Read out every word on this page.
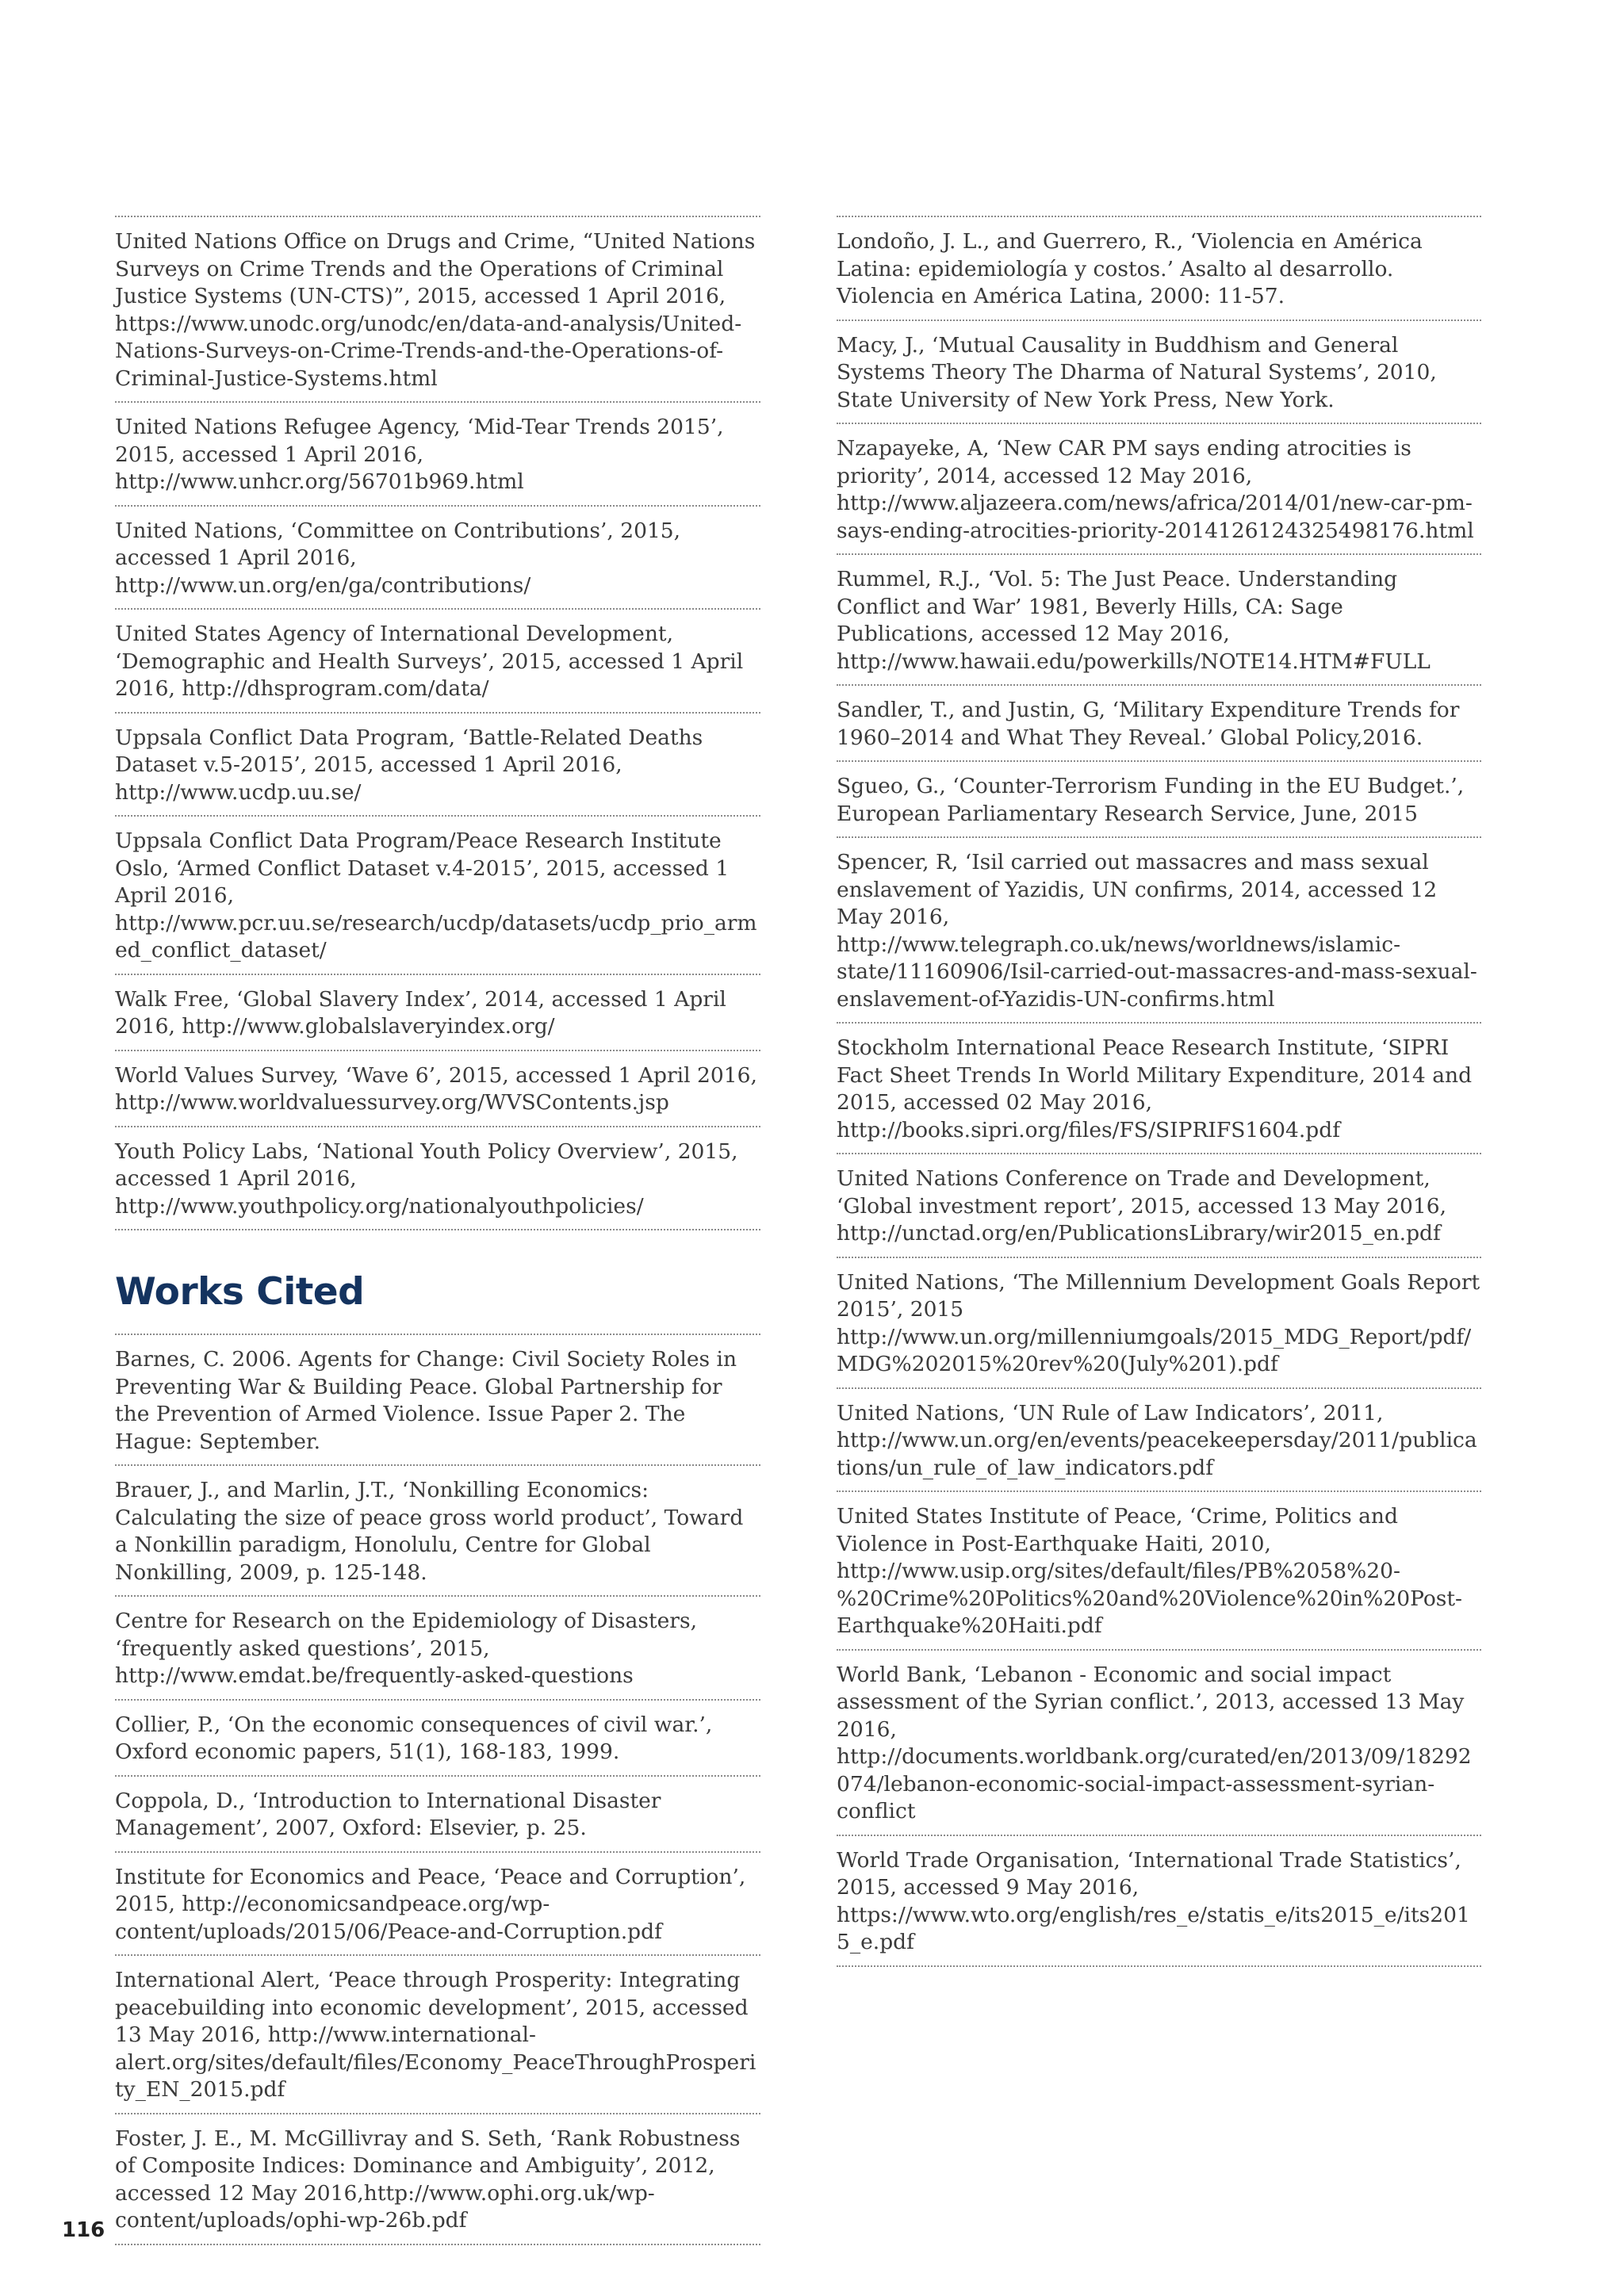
United Nations Office on Drugs and Crime, “United Nations Surveys on Crime Trends and the Operations of Criminal Justice Systems (UN-CTS)”, 2015, accessed 1 April 2016, https://www.unodc.org/unodc/en/data-and-analysis/United-Nations-Surveys-on-Crime-Trends-and-the-Operations-of-Criminal-Justice-Systems.html
United Nations Refugee Agency, ‘Mid-Tear Trends 2015’, 2015, accessed 1 April 2016, http://www.unhcr.org/56701b969.html
United Nations, ‘Committee on Contributions’, 2015, accessed 1 April 2016, http://www.un.org/en/ga/contributions/
United States Agency of International Development, ‘Demographic and Health Surveys’, 2015, accessed 1 April 2016, http://dhsprogram.com/data/
Uppsala Conflict Data Program, ‘Battle-Related Deaths Dataset v.5-2015’, 2015, accessed 1 April 2016, http://www.ucdp.uu.se/
Uppsala Conflict Data Program/Peace Research Institute Oslo, ‘Armed Conflict Dataset v.4-2015’, 2015, accessed 1 April 2016, http://www.pcr.uu.se/research/ucdp/datasets/ucdp_prio_armed_conflict_dataset/
Walk Free, ‘Global Slavery Index’, 2014, accessed 1 April 2016, http://www.globalslaveryindex.org/
World Values Survey, ‘Wave 6’, 2015, accessed 1 April 2016, http://www.worldvaluessurvey.org/WVSContents.jsp
Youth Policy Labs, ‘National Youth Policy Overview’, 2015, accessed 1 April 2016, http://www.youthpolicy.org/nationalyouthpolicies/
Works Cited
Barnes, C. 2006. Agents for Change: Civil Society Roles in Preventing War & Building Peace. Global Partnership for the Prevention of Armed Violence. Issue Paper 2. The Hague: September.
Brauer, J., and Marlin, J.T., ‘Nonkilling Economics: Calculating the size of peace gross world product’, Toward a Nonkillin paradigm, Honolulu, Centre for Global Nonkilling, 2009, p. 125-148.
Centre for Research on the Epidemiology of Disasters, ‘frequently asked questions’, 2015, http://www.emdat.be/frequently-asked-questions
Collier, P., ‘On the economic consequences of civil war.’, Oxford economic papers, 51(1), 168-183, 1999.
Coppola, D., ‘Introduction to International Disaster Management’, 2007, Oxford: Elsevier, p. 25.
Institute for Economics and Peace, ‘Peace and Corruption’, 2015, http://economicsandpeace.org/wp-content/uploads/2015/06/Peace-and-Corruption.pdf
International Alert, ‘Peace through Prosperity: Integrating peacebuilding into economic development’, 2015, accessed 13 May 2016, http://www.international-alert.org/sites/default/files/Economy_PeaceThroughProsperity_EN_2015.pdf
Foster, J. E., M. McGillivray and S. Seth, ‘Rank Robustness of Composite Indices: Dominance and Ambiguity’, 2012, accessed 12 May 2016,http://www.ophi.org.uk/wp-content/uploads/ophi-wp-26b.pdf
Londoño, J. L., and Guerrero, R., ‘Violencia en América Latina: epidemiología y costos.’ Asalto al desarrollo. Violencia en América Latina, 2000: 11-57.
Macy, J., ‘Mutual Causality in Buddhism and General Systems Theory The Dharma of Natural Systems’, 2010, State University of New York Press, New York.
Nzapayeke, A, ‘New CAR PM says ending atrocities is priority’, 2014, accessed 12 May 2016, http://www.aljazeera.com/news/africa/2014/01/new-car-pm-says-ending-atrocities-priority-2014126124325498176.html
Rummel, R.J., ‘Vol. 5: The Just Peace. Understanding Conflict and War’ 1981, Beverly Hills, CA: Sage Publications, accessed 12 May 2016, http://www.hawaii.edu/powerkills/NOTE14.HTM#FULL
Sandler, T., and Justin, G, ‘Military Expenditure Trends for 1960–2014 and What They Reveal.’ Global Policy,2016.
Sgueo, G., ‘Counter-Terrorism Funding in the EU Budget.’, European Parliamentary Research Service, June, 2015
Spencer, R, ‘Isil carried out massacres and mass sexual enslavement of Yazidis, UN confirms, 2014, accessed 12 May 2016, http://www.telegraph.co.uk/news/worldnews/islamic-state/11160906/Isil-carried-out-massacres-and-mass-sexual-enslavement-of-Yazidis-UN-confirms.html
Stockholm International Peace Research Institute, ‘SIPRI Fact Sheet Trends In World Military Expenditure, 2014 and 2015, accessed 02 May 2016, http://books.sipri.org/files/FS/SIPRIFS1604.pdf
United Nations Conference on Trade and Development, ‘Global investment report’, 2015, accessed 13 May 2016, http://unctad.org/en/PublicationsLibrary/wir2015_en.pdf
United Nations, ‘The Millennium Development Goals Report 2015’, 2015 http://www.un.org/millenniumgoals/2015_MDG_Report/pdf/MDG%202015%20rev%20(July%201).pdf
United Nations, ‘UN Rule of Law Indicators’, 2011, http://www.un.org/en/events/peacekeepersday/2011/publications/un_rule_of_law_indicators.pdf
United States Institute of Peace, ‘Crime, Politics and Violence in Post-Earthquake Haiti, 2010, http://www.usip.org/sites/default/files/PB%2058%20-%20Crime%20Politics%20and%20Violence%20in%20Post-Earthquake%20Haiti.pdf
World Bank, ‘Lebanon - Economic and social impact assessment of the Syrian conflict.’, 2013, accessed 13 May 2016, http://documents.worldbank.org/curated/en/2013/09/18292074/lebanon-economic-social-impact-assessment-syrian-conflict
World Trade Organisation, ‘International Trade Statistics’, 2015, accessed 9 May 2016, https://www.wto.org/english/res_e/statis_e/its2015_e/its2015_e.pdf
116
